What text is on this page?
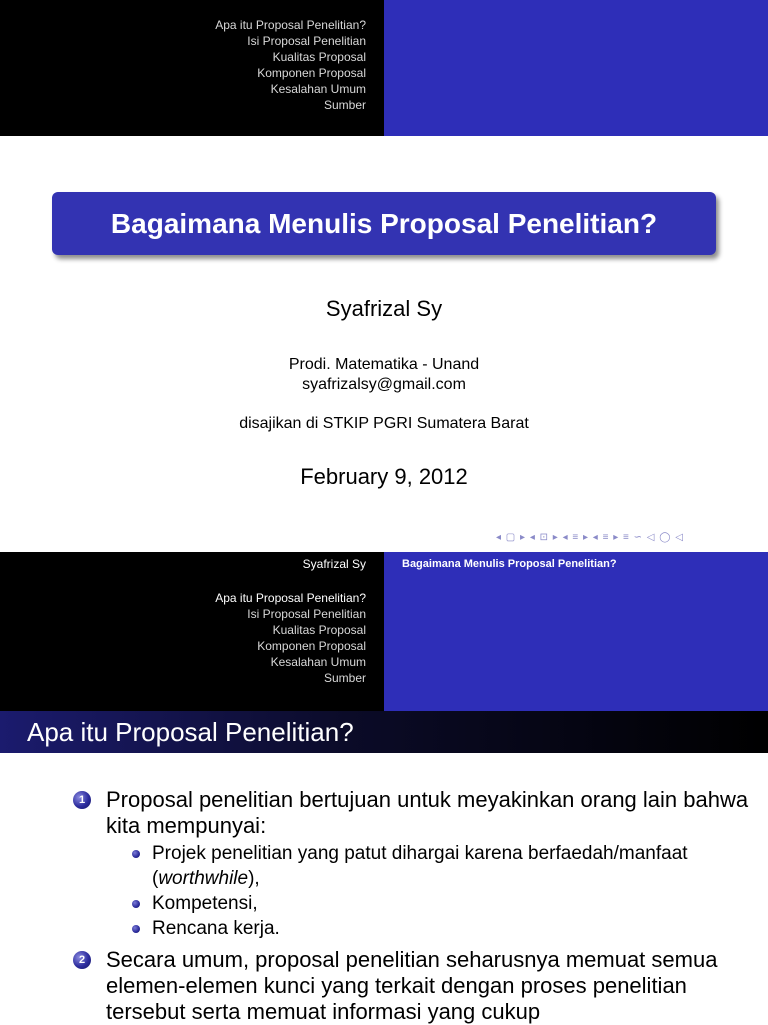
Apa itu Proposal Penelitian?
Isi Proposal Penelitian
Kualitas Proposal
Komponen Proposal
Kesalahan Umum
Sumber
Bagaimana Menulis Proposal Penelitian?
Syafrizal Sy
Prodi. Matematika - Unand
syafrizalsy@gmail.com
disajikan di STKIP PGRI Sumatera Barat
February 9, 2012
◂ ▢ ▸ ◂ ⊡ ▸ ◂ ≡ ▸ ◂ ≡ ▸ ≡ ∽ ◁ ◯ ◁
Syafrizal Sy
Apa itu Proposal Penelitian?
Isi Proposal Penelitian
Kualitas Proposal
Komponen Proposal
Kesalahan Umum
Sumber
Bagaimana Menulis Proposal Penelitian?
Apa itu Proposal Penelitian?
1 Proposal penelitian bertujuan untuk meyakinkan orang lain bahwa kita mempunyai:
Projek penelitian yang patut dihargai karena berfaedah/manfaat (worthwhile),
Kompetensi,
Rencana kerja.
2 Secara umum, proposal penelitian seharusnya memuat semua elemen-elemen kunci yang terkait dengan proses penelitian tersebut serta memuat informasi yang cukup
